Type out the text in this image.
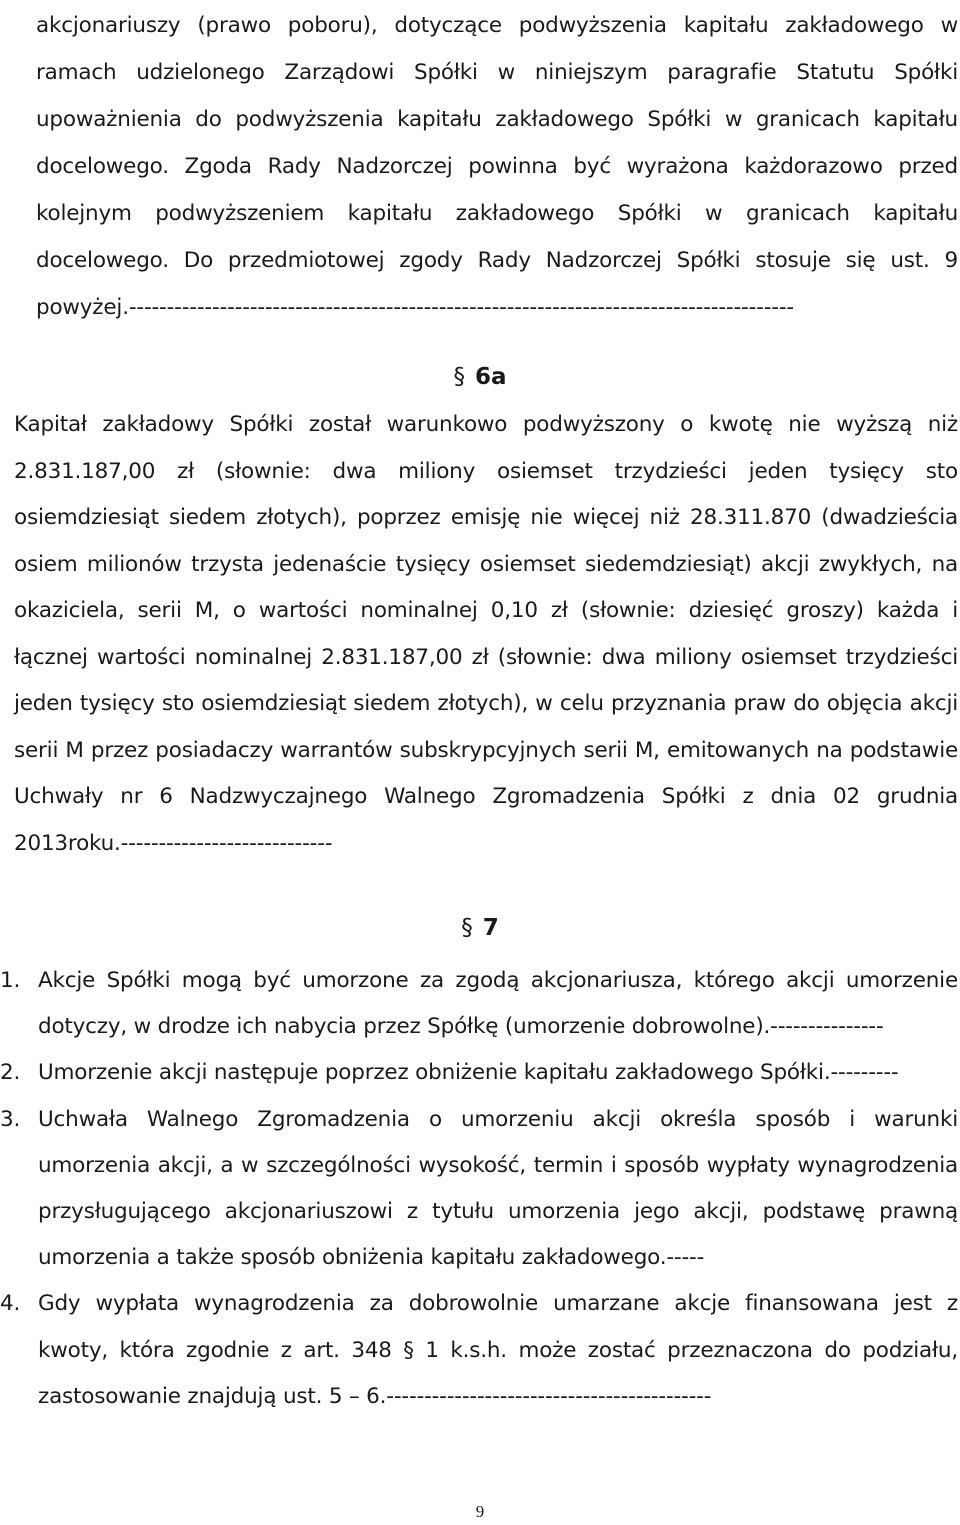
akcjonariuszy (prawo poboru), dotyczące podwyższenia kapitału zakładowego w ramach udzielonego Zarządowi Spółki w niniejszym paragrafie Statutu Spółki upoważnienia do podwyższenia kapitału zakładowego Spółki w granicach kapitału docelowego. Zgoda Rady Nadzorczej powinna być wyrażona każdorazowo przed kolejnym podwyższeniem kapitału zakładowego Spółki w granicach kapitału docelowego. Do przedmiotowej zgody Rady Nadzorczej Spółki stosuje się ust. 9 powyżej.----------------------------------------------------------------------------------------

§ 6a

Kapitał zakładowy Spółki został warunkowo podwyższony o kwotę nie wyższą niż 2.831.187,00 zł (słownie: dwa miliony osiemset trzydzieści jeden tysięcy sto osiemdziesiąt siedem złotych), poprzez emisję nie więcej niż 28.311.870 (dwadzieścia osiem milionów trzysta jedenaście tysięcy osiemset siedemdziesiąt) akcji zwykłych, na okaziciela, serii M, o wartości nominalnej 0,10 zł (słownie: dziesięć groszy) każda i łącznej wartości nominalnej 2.831.187,00 zł (słownie: dwa miliony osiemset trzydzieści jeden tysięcy sto osiemdziesiąt siedem złotych), w celu przyznania praw do objęcia akcji serii M przez posiadaczy warrantów subskrypcyjnych serii M, emitowanych na podstawie Uchwały nr 6 Nadzwyczajnego Walnego Zgromadzenia Spółki z dnia 02 grudnia 2013roku.----------------------------

§ 7
1. Akcje Spółki mogą być umorzone za zgodą akcjonariusza, którego akcji umorzenie dotyczy, w drodze ich nabycia przez Spółkę (umorzenie dobrowolne).---------------
2. Umorzenie akcji następuje poprzez obniżenie kapitału zakładowego Spółki.---------
3. Uchwała Walnego Zgromadzenia o umorzeniu akcji określa sposób i warunki umorzenia akcji, a w szczególności wysokość, termin i sposób wypłaty wynagrodzenia przysługującego akcjonariuszowi z tytułu umorzenia jego akcji, podstawę prawną umorzenia a także sposób obniżenia kapitału zakładowego.-----
4. Gdy wypłata wynagrodzenia za dobrowolnie umarzane akcje finansowana jest z kwoty, która zgodnie z art. 348 § 1 k.s.h. może zostać przeznaczona do podziału, zastosowanie znajdują ust. 5 – 6.-------------------------------------------
9
